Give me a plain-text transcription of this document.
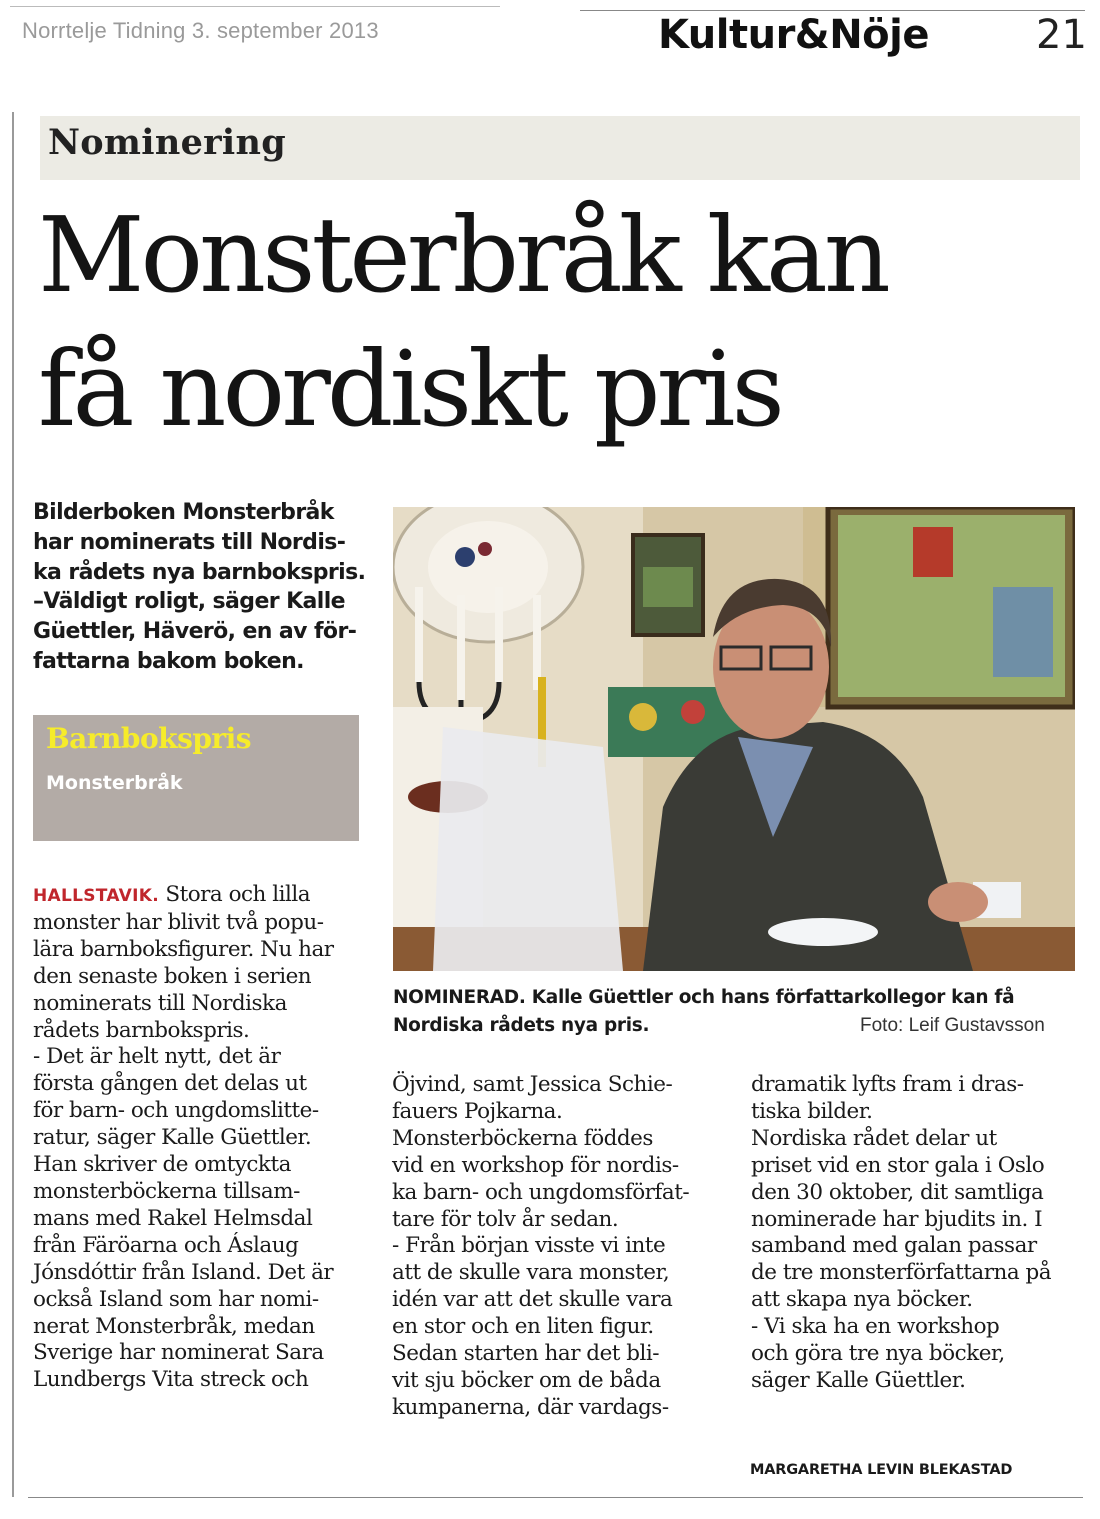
Norrtelje Tidning 3. september 2013	Kultur&Nöje	21
Nominering
Monsterbråk kan
få nordiskt pris
Bilderboken Monsterbråk
har nominerats till Nordis-
ka rådets nya barnbokspris.
–Väldigt roligt, säger Kalle
Güettler, Häverö, en av för-
fattarna bakom boken.
Barnbokspris
Monsterbråk
NOMINERAD. Kalle Güettler och hans författarkollegor kan få
Nordiska rådets nya pris.	Foto: Leif Gustavsson
HALLSTAVIK. Stora och lilla
monster har blivit två popu-
lära barnboksfigurer. Nu har
den senaste boken i serien
nominerats till Nordiska
rådets barnbokspris.
- Det är helt nytt, det är
första gången det delas ut
för barn- och ungdomslitte-
ratur, säger Kalle Güettler.
Han skriver de omtyckta
monsterböckerna tillsam-
mans med Rakel Helmsdal
från Färöarna och Áslaug
Jónsdóttir från Island. Det är
också Island som har nomi-
nerat Monsterbråk, medan
Sverige har nominerat Sara
Lundbergs Vita streck och
Öjvind, samt Jessica Schie-
fauers Pojkarna.
Monsterböckerna föddes
vid en workshop för nordis-
ka barn- och ungdomsförfat-
tare för tolv år sedan.
- Från början visste vi inte
att de skulle vara monster,
idén var att det skulle vara
en stor och en liten figur.
Sedan starten har det bli-
vit sju böcker om de båda
kumpanerna, där vardags-
dramatik lyfts fram i dras-
tiska bilder.
Nordiska rådet delar ut
priset vid en stor gala i Oslo
den 30 oktober, dit samtliga
nominerade har bjudits in. I
samband med galan passar
de tre monsterförfattarna på
att skapa nya böcker.
- Vi ska ha en workshop
och göra tre nya böcker,
säger Kalle Güettler.
MARGARETHA LEVIN BLEKASTAD
